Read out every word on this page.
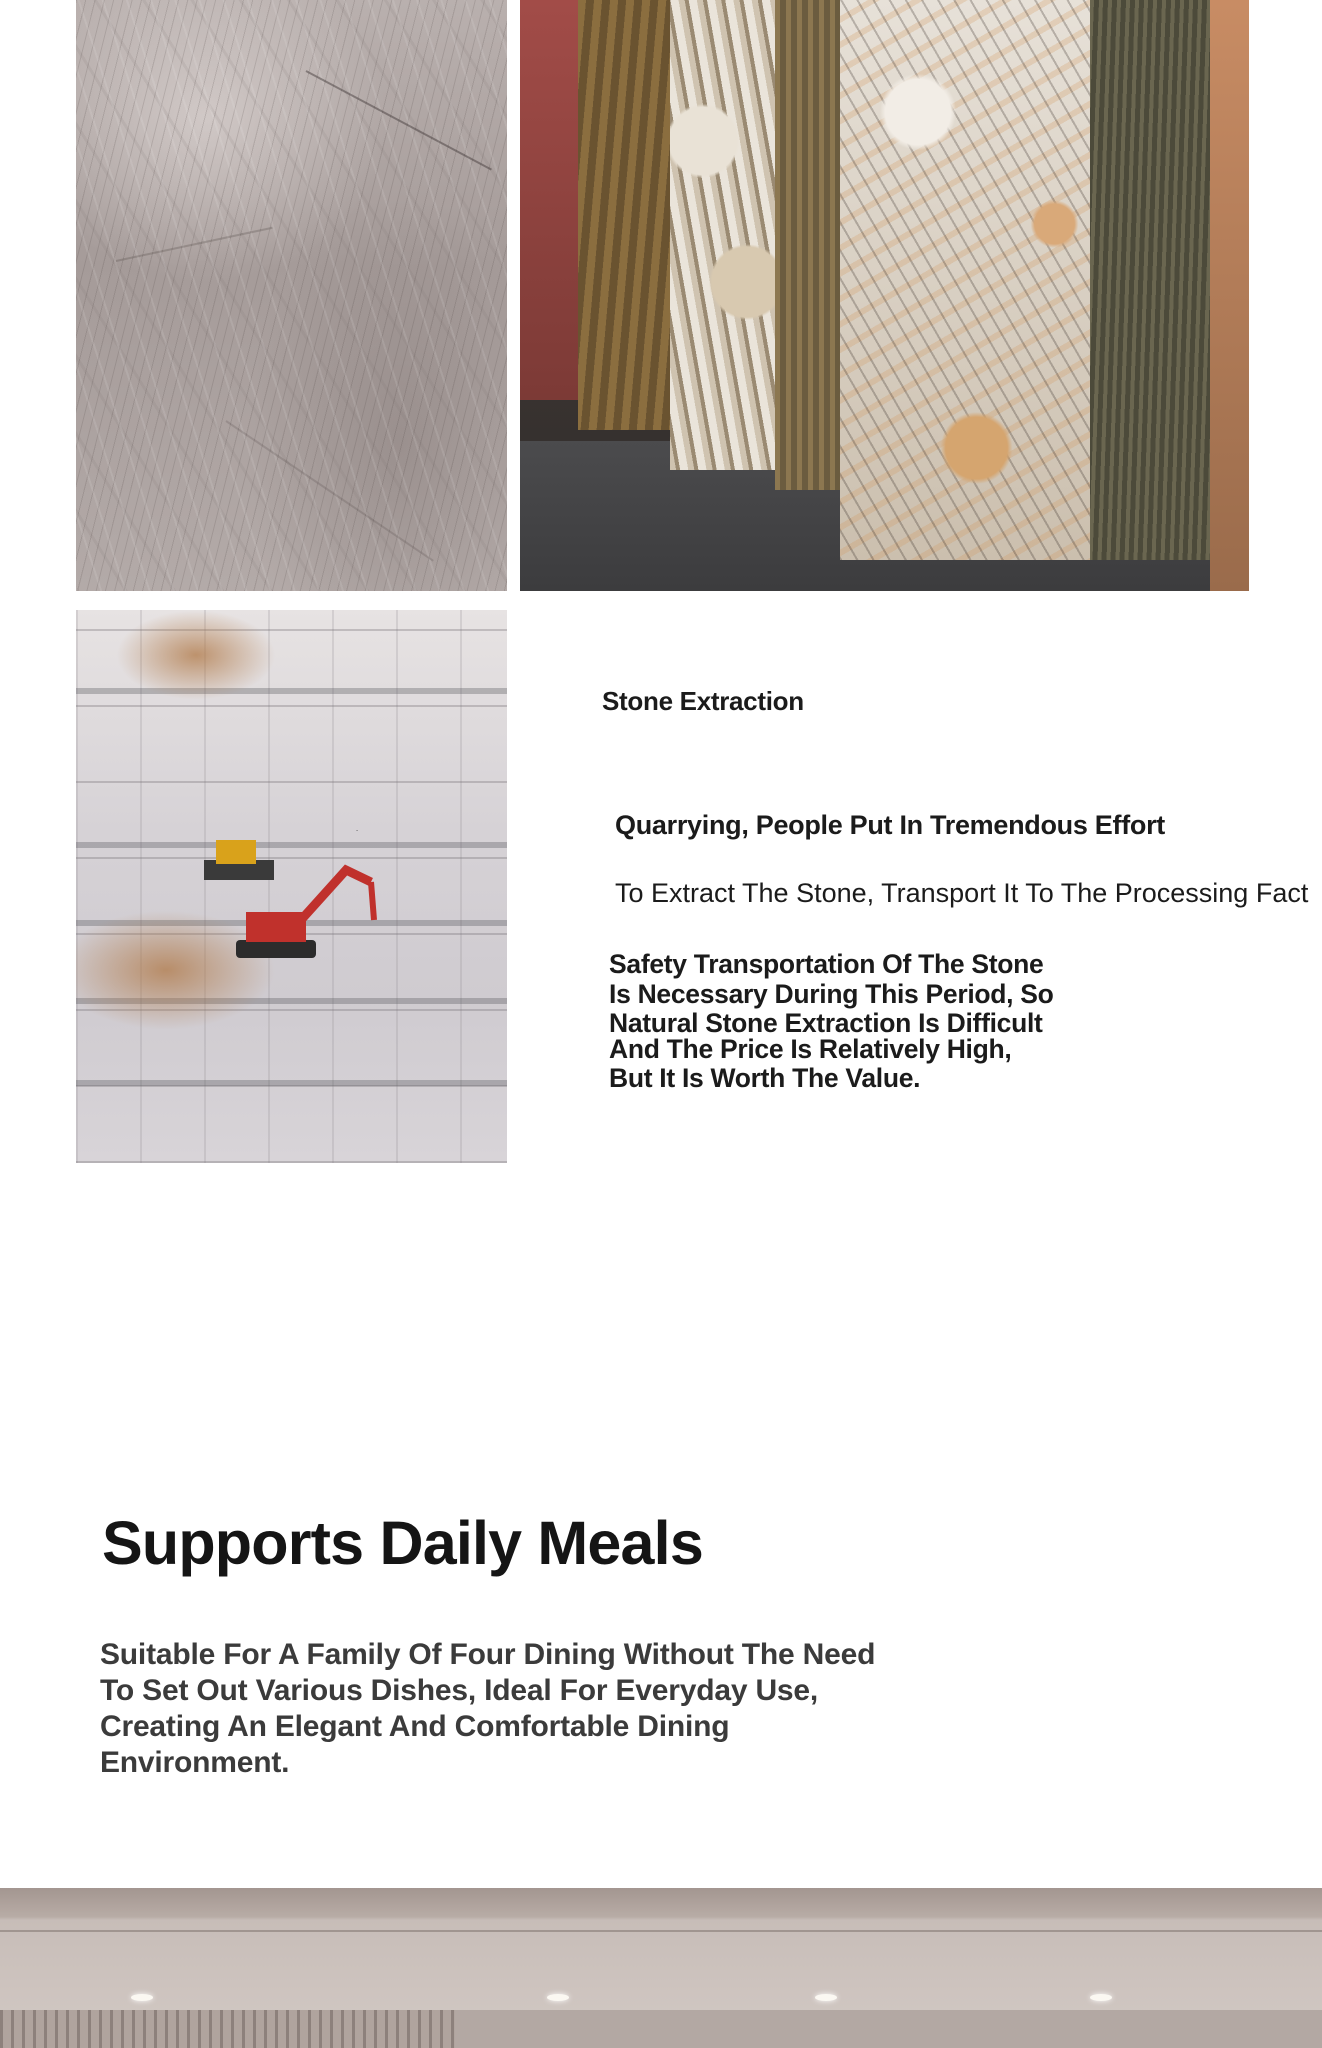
Stone Extraction
Quarrying, People Put In Tremendous Effort
To Extract The Stone, Transport It To The Processing Fact
Safety Transportation Of The Stone
Is Necessary During This Period, So
Natural Stone Extraction Is Difficult
And The Price Is Relatively High,
But It Is Worth The Value.
Supports Daily Meals
Suitable For A Family Of Four Dining Without The Need
To Set Out Various Dishes, Ideal For Everyday Use,
Creating An Elegant And Comfortable Dining
Environment.
